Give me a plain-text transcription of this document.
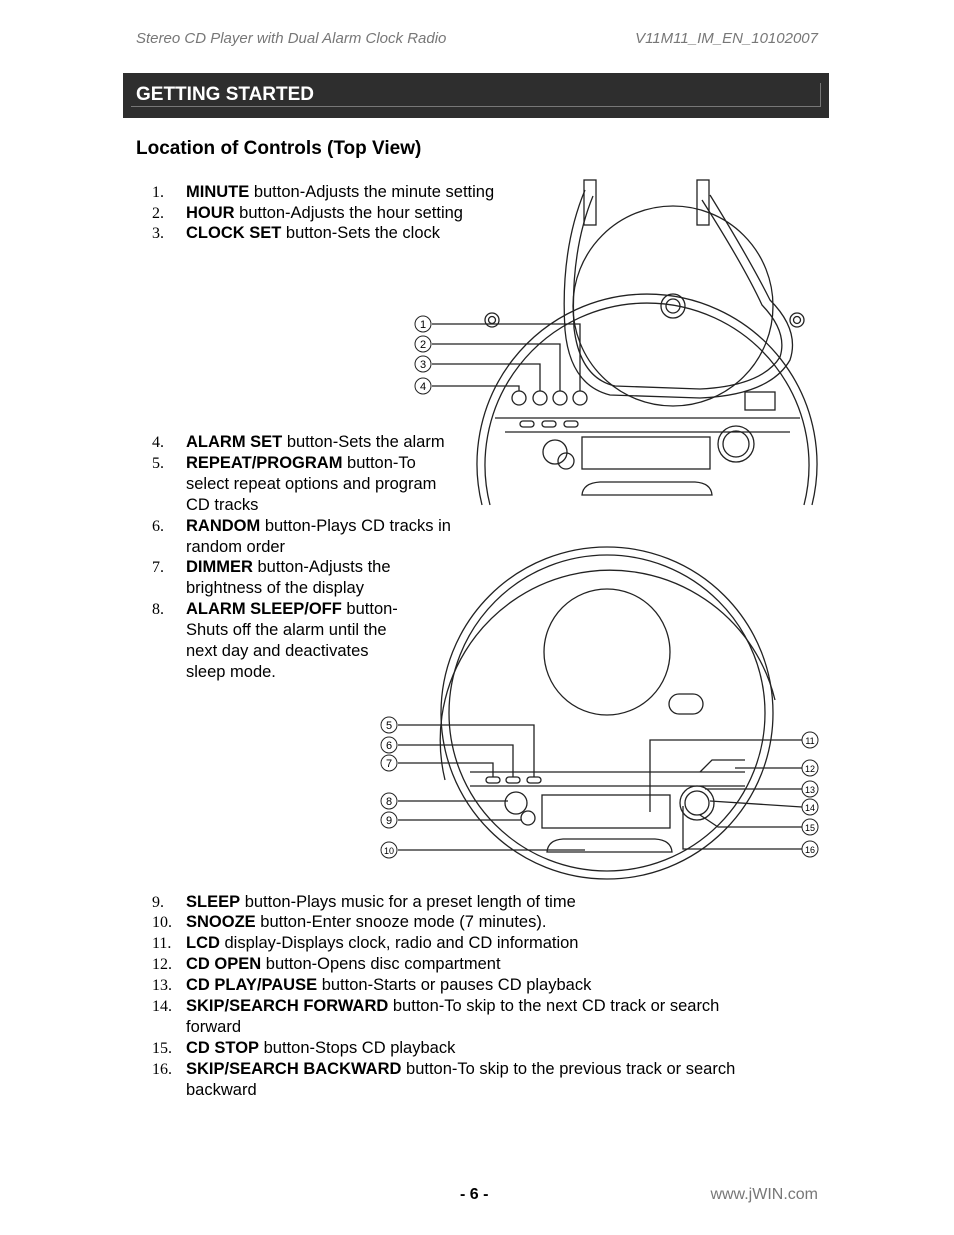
Stereo CD Player with Dual Alarm Clock Radio	V11M11_IM_EN_10102007
GETTING STARTED
Location of Controls (Top View)
1
2
3
4
5
6
7
8
9
10
11
12
13
14
15
16
1.	MINUTE button-Adjusts the minute setting
2.	HOUR button-Adjusts the hour setting
3.	CLOCK SET button-Sets the clock
4.	ALARM SET button-Sets the alarm
5.	REPEAT/PROGRAM button-To
select repeat options and program
CD tracks
6.	RANDOM button-Plays CD tracks in
random order
7.	DIMMER button-Adjusts the
brightness of the display
8.	ALARM SLEEP/OFF button-
Shuts off the alarm until the
next day and deactivates
sleep mode.
9.	SLEEP button-Plays music for a preset length of time
10. SNOOZE button-Enter snooze mode (7 minutes).
11. LCD display-Displays clock, radio and CD information
12. CD OPEN button-Opens disc compartment
13. CD PLAY/PAUSE button-Starts or pauses CD playback
14. SKIP/SEARCH FORWARD button-To skip to the next CD track or search
forward
15. CD STOP button-Stops CD playback
16. SKIP/SEARCH BACKWARD button-To skip to the previous track or search
backward
- 6 -	www.jWIN.com
